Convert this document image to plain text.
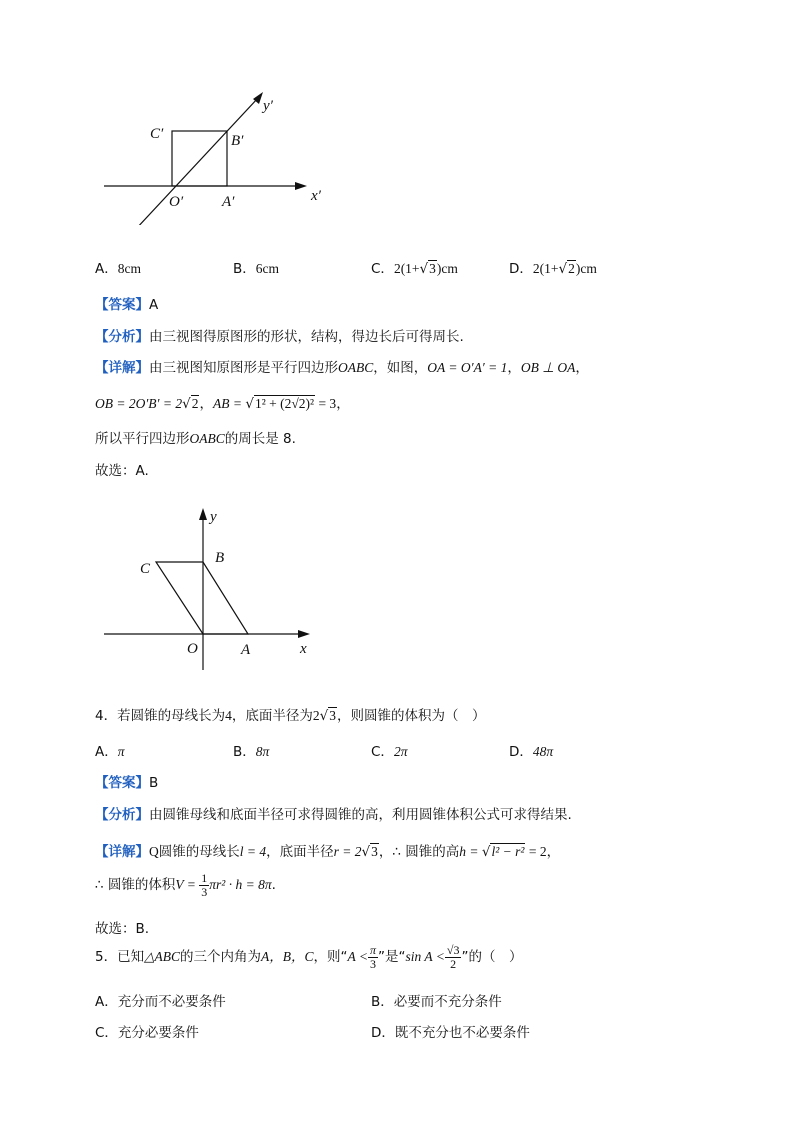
y′
x′
C′	B′
O′	A′
A．8cm	B．6cm	C．2(1+√3)cm	D．2(1+√2)cm
【答案】A
【分析】由三视图得原图形的形状，结构，得边长后可得周长.
【详解】由三视图知原图形是平行四边形OABC，如图，OA = O′A′ = 1，OB ⊥ OA，
OB = 2O′B′ = 2√2，AB = √1² + (2√2)² = 3，
所以平行四边形OABC的周长是 8.
故选：A.
y
x
C
B
O	A
4．若圆锥的母线长为4，底面半径为2√3，则圆锥的体积为（　）
A．π	B．8π	C．2π	D．48π
【答案】B
【分析】由圆锥母线和底面半径可求得圆锥的高，利用圆锥体积公式可求得结果.
【详解】Q圆锥的母线长l = 4，底面半径r = 2√3，∴ 圆锥的高h = √l² − r² = 2，
∴ 圆锥的体积$V = \frac{1}{3} \pi r^2 \cdot h = 8\pi$.
故选：B.
5．已知△ABC的三个内角为A，B，C，则“$A < \frac{\pi}{3}$ ”是“sin $A < \frac{√3}{2}$ ”的（　）
A．充分而不必要条件	B．必要而不充分条件
C．充分必要条件	D．既不充分也不必要条件
